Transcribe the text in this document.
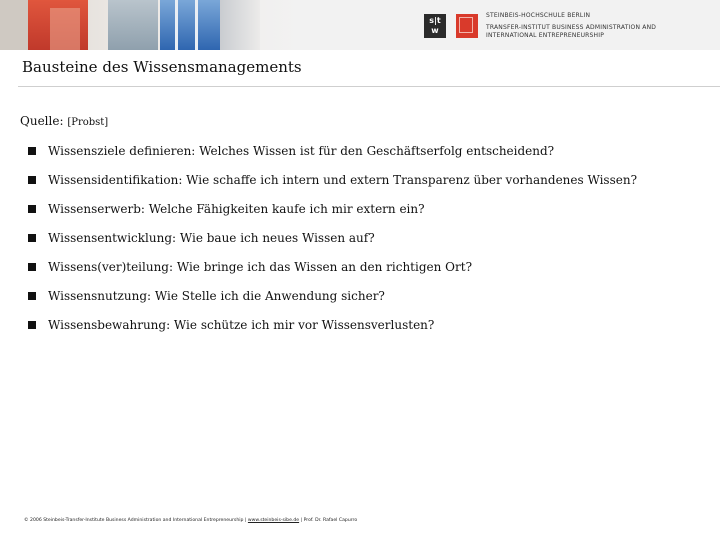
s|t
w
STEINBEIS-HOCHSCHULE BERLIN
TRANSFER-INSTITUT BUSINESS ADMINISTRATION AND
INTERNATIONAL ENTREPRENEURSHIP
Bausteine des Wissensmanagements
Quelle: [Probst]
Wissensziele definieren: Welches Wissen ist für den Geschäftserfolg entscheidend?
Wissensidentifikation: Wie schaffe ich intern und extern Transparenz über vorhandenes Wissen?
Wissenserwerb: Welche Fähigkeiten kaufe ich mir extern ein?
Wissensentwicklung: Wie baue ich neues Wissen auf?
Wissens(ver)teilung: Wie bringe ich das Wissen an den richtigen Ort?
Wissensnutzung: Wie Stelle ich die Anwendung sicher?
Wissensbewahrung: Wie schütze ich mir vor Wissensverlusten?
© 2006 Steinbeis-Transfer-Institute Business Administration and International Entrepreneurship | www.steinbeis-sibe.de | Prof. Dr. Rafael Capurro
